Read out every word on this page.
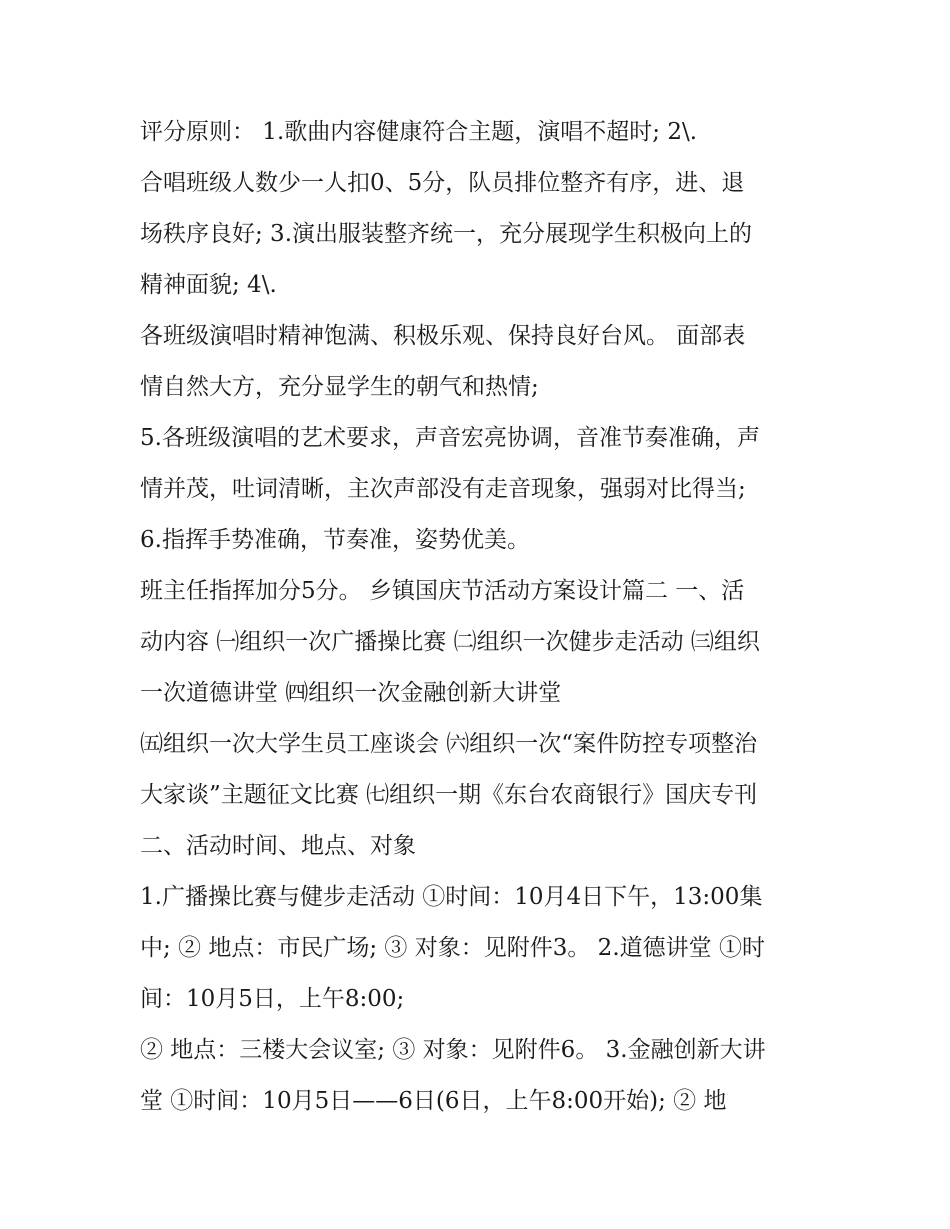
评分原则： 1.歌曲内容健康符合主题，演唱不超时; 2\.
合唱班级人数少一人扣0、5分，队员排位整齐有序，进、退
场秩序良好; 3.演出服装整齐统一，充分展现学生积极向上的
精神面貌; 4\.
各班级演唱时精神饱满、积极乐观、保持良好台风。 面部表
情自然大方，充分显学生的朝气和热情;
5.各班级演唱的艺术要求，声音宏亮协调，音准节奏准确，声
情并茂，吐词清晰，主次声部没有走音现象，强弱对比得当;
6.指挥手势准确，节奏准，姿势优美。
班主任指挥加分5分。 乡镇国庆节活动方案设计篇二 一、活
动内容 ㈠组织一次广播操比赛 ㈡组织一次健步走活动 ㈢组织
一次道德讲堂 ㈣组织一次金融创新大讲堂
㈤组织一次大学生员工座谈会 ㈥组织一次“案件防控专项整治
大家谈”主题征文比赛 ㈦组织一期《东台农商银行》国庆专刊
二、活动时间、地点、对象
1.广播操比赛与健步走活动 ①时间：10月4日下午，13:00集
中; ② 地点：市民广场; ③ 对象：见附件3。 2.道德讲堂 ①时
间：10月5日，上午8:00;
② 地点：三楼大会议室; ③ 对象：见附件6。 3.金融创新大讲
堂 ①时间：10月5日——6日(6日，上午8:00开始); ② 地
